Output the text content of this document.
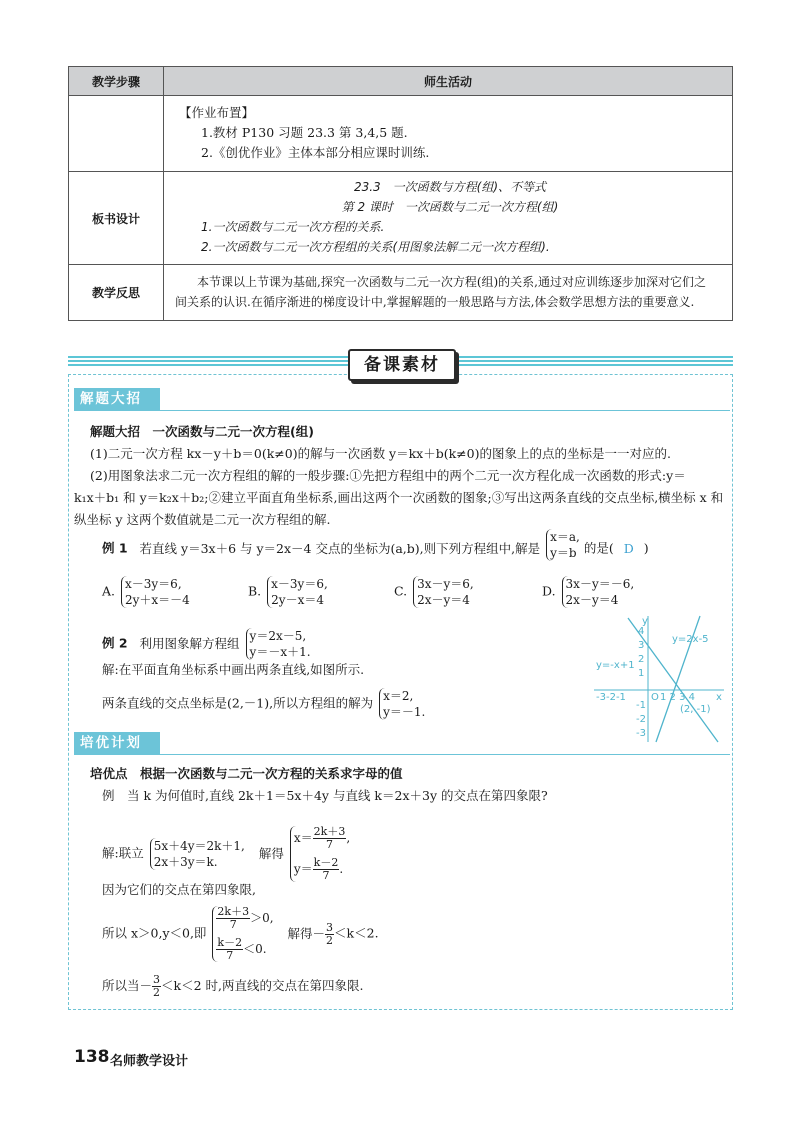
教学步骤	师生活动

	【作业布置】
1.教材 P130 习题 23.3 第 3,4,5 题.
2.《创优作业》主体本部分相应课时训练.

板书设计	23.3　一次函数与方程(组)、不等式
第 2 课时　一次函数与二元一次方程(组)
1.一次函数与二元一次方程的关系.
2.一次函数与二元一次方程组的关系(用图象法解二元一次方程组).

教学反思	本节课以上节课为基础,探究一次函数与二元一次方程(组)的关系,通过对应训练逐步加深对它们之
间关系的认识.在循序渐进的梯度设计中,掌握解题的一般思路与方法,体会数学思想方法的重要意义.
备课素材
解题大招
解题大招　一次函数与二元一次方程(组)
(1)二元一次方程 kx－y＋b＝0(k≠0)的解与一次函数 y＝kx＋b(k≠0)的图象上的点的坐标是一一对应的.
(2)用图象法求二元一次方程组的解的一般步骤:①先把方程组中的两个二元一次方程化成一次函数的形式:y＝
k₁x＋b₁ 和 y＝k₂x＋b₂;②建立平面直角坐标系,画出这两个一次函数的图象;③写出这两条直线的交点坐标,横坐标 x 和
纵坐标 y 这两个数值就是二元一次方程组的解.
例 1 若直线 y＝3x＋6 与 y＝2x－4 交点的坐标为(a,b),则下列方程组中,解是
x＝a,
y＝b 的是( D )
A. x－3y＝6,
2y＋x＝－4
B. x－3y＝6,
2y－x＝4
C. 3x－y＝6,
2x－y＝4
D. 3x－y＝－6,
2x－y＝4
例 2 利用图象解方程组 y＝2x－5,
y＝－x＋1.
解:在平面直角坐标系中画出两条直线,如图所示.
两条直线的交点坐标是(2,－1),所以方程组的解为 x＝2,
y＝－1.
y=2x-5
y=-x+1
(2, -1)
O	x
y
-3-2-1	1 2 3 4
4
3
2
1
-1
-2
-3
培优计划
培优点　根据一次函数与二元一次方程的关系求字母的值
例　当 k 为何值时,直线 2k＋1＝5x＋4y 与直线 k＝2x＋3y 的交点在第四象限?
解:联立 5x＋4y＝2k＋1,
2x＋3y＝k.
解得
$x= \frac{2k+3}{7}$ ,
$y= \frac{k-2}{7}$ .
因为它们的交点在第四象限,
所以 x＞0,y＜0,即
$\frac{2k+3}{7} >0$,
$\frac{k-2}{7} <0$.
解得－ $\frac{3}{2} <k<2$.
所以当－ $\frac{3}{2} <k<2$ 时,两直线的交点在第四象限.
138 名师教学设计
